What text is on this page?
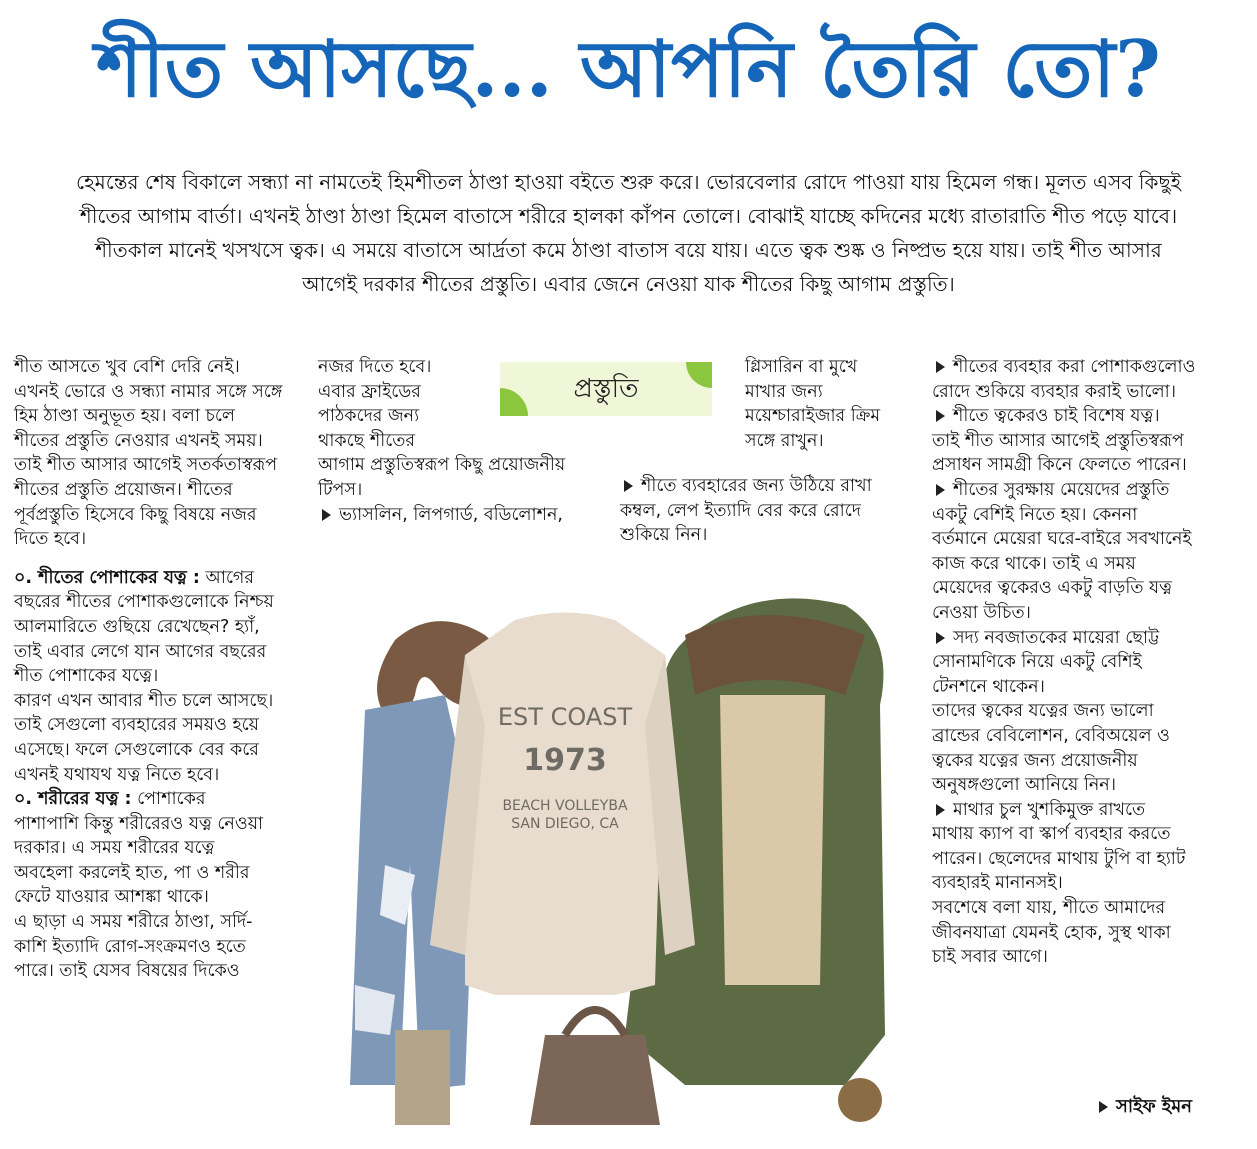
শীত আসছে... আপনি তৈরি তো?

হেমন্তের শেষ বিকালে সন্ধ্যা না নামতেই হিমশীতল ঠাণ্ডা হাওয়া বইতে শুরু করে। ভোরবেলার রোদে পাওয়া যায় হিমেল গন্ধ। মূলত এসব কিছুই

শীতের আগাম বার্তা। এখনই ঠাণ্ডা ঠাণ্ডা হিমেল বাতাসে শরীরে হালকা কাঁপন তোলে। বোঝাই যাচ্ছে কদিনের মধ্যে রাতারাতি শীত পড়ে যাবে।

শীতকাল মানেই খসখসে ত্বক। এ সময়ে বাতাসে আর্দ্রতা কমে ঠাণ্ডা বাতাস বয়ে যায়। এতে ত্বক শুষ্ক ও নিষ্প্রভ হয়ে যায়। তাই শীত আসার

আগেই দরকার শীতের প্রস্তুতি। এবার জেনে নেওয়া যাক শীতের কিছু আগাম প্রস্তুতি।

শীত আসতে খুব বেশি দেরি নেই।

এখনই ভোরে ও সন্ধ্যা নামার সঙ্গে সঙ্গে

হিম ঠাণ্ডা অনুভূত হয়। বলা চলে

শীতের প্রস্তুতি নেওয়ার এখনই সময়।

তাই শীত আসার আগেই সতর্কতাস্বরূপ

শীতের প্রস্তুতি প্রয়োজন। শীতের

পূর্বপ্রস্তুতি হিসেবে কিছু বিষয়ে নজর

দিতে হবে।

০. শীতের পোশাকের যত্ন : আগের

বছরের শীতের পোশাকগুলোকে নিশ্চয়

আলমারিতে গুছিয়ে রেখেছেন? হ্যাঁ,

তাই এবার লেগে যান আগের বছরের

শীত পোশাকের যত্নে।

কারণ এখন আবার শীত চলে আসছে।

তাই সেগুলো ব্যবহারের সময়ও হয়ে

এসেছে। ফলে সেগুলোকে বের করে

এখনই যথাযথ যত্ন নিতে হবে।

০. শরীরের যত্ন : পোশাকের

পাশাপাশি কিন্তু শরীরেরও যত্ন নেওয়া

দরকার। এ সময় শরীরের যত্নে

অবহেলা করলেই হাত, পা ও শরীর

ফেটে যাওয়ার আশঙ্কা থাকে।

এ ছাড়া এ সময় শরীরে ঠাণ্ডা, সর্দি-

কাশি ইত্যাদি রোগ-সংক্রমণও হতে

পারে। তাই যেসব বিষয়ের দিকেও

নজর দিতে হবে।

এবার ফ্রাইডের

পাঠকদের জন্য

থাকছে শীতের

আগাম প্রস্তুতিস্বরূপ কিছু প্রয়োজনীয়

টিপস।

ভ্যাসলিন, লিপগার্ড, বডিলোশন,

প্রস্তুতি

গ্লিসারিন বা মুখে

মাখার জন্য

ময়েশ্চারাইজার ক্রিম

সঙ্গে রাখুন।

শীতে ব্যবহারের জন্য উঠিয়ে রাখা

কম্বল, লেপ ইত্যাদি বের করে রোদে

শুকিয়ে নিন।

শীতের ব্যবহার করা পোশাকগুলোও

রোদে শুকিয়ে ব্যবহার করাই ভালো।

শীতে ত্বকেরও চাই বিশেষ যত্ন।

তাই শীত আসার আগেই প্রস্তুতিস্বরূপ

প্রসাধন সামগ্রী কিনে ফেলতে পারেন।

শীতের সুরক্ষায় মেয়েদের প্রস্তুতি

একটু বেশিই নিতে হয়। কেননা

বর্তমানে মেয়েরা ঘরে-বাইরে সবখানেই

কাজ করে থাকে। তাই এ সময়

মেয়েদের ত্বকেরও একটু বাড়তি যত্ন

নেওয়া উচিত।

সদ্য নবজাতকের মায়েরা ছোট্ট

সোনামণিকে নিয়ে একটু বেশিই

টেনশনে থাকেন।

তাদের ত্বকের যত্নের জন্য ভালো

ব্রান্ডের বেবিলোশন, বেবিঅয়েল ও

ত্বকের যত্নের জন্য প্রয়োজনীয়

অনুষঙ্গগুলো আনিয়ে নিন।

মাথার চুল খুশকিমুক্ত রাখতে

মাথায় ক্যাপ বা স্কার্প ব্যবহার করতে

পারেন। ছেলেদের মাথায় টুপি বা হ্যাট

ব্যবহারই মানানসই।

সবশেষে বলা যায়, শীতে আমাদের

জীবনযাত্রা যেমনই হোক, সুস্থ থাকা

চাই সবার আগে।

EST COAST
1973
BEACH VOLLEYBA
SAN DIEGO, CA
সাইফ ইমন
